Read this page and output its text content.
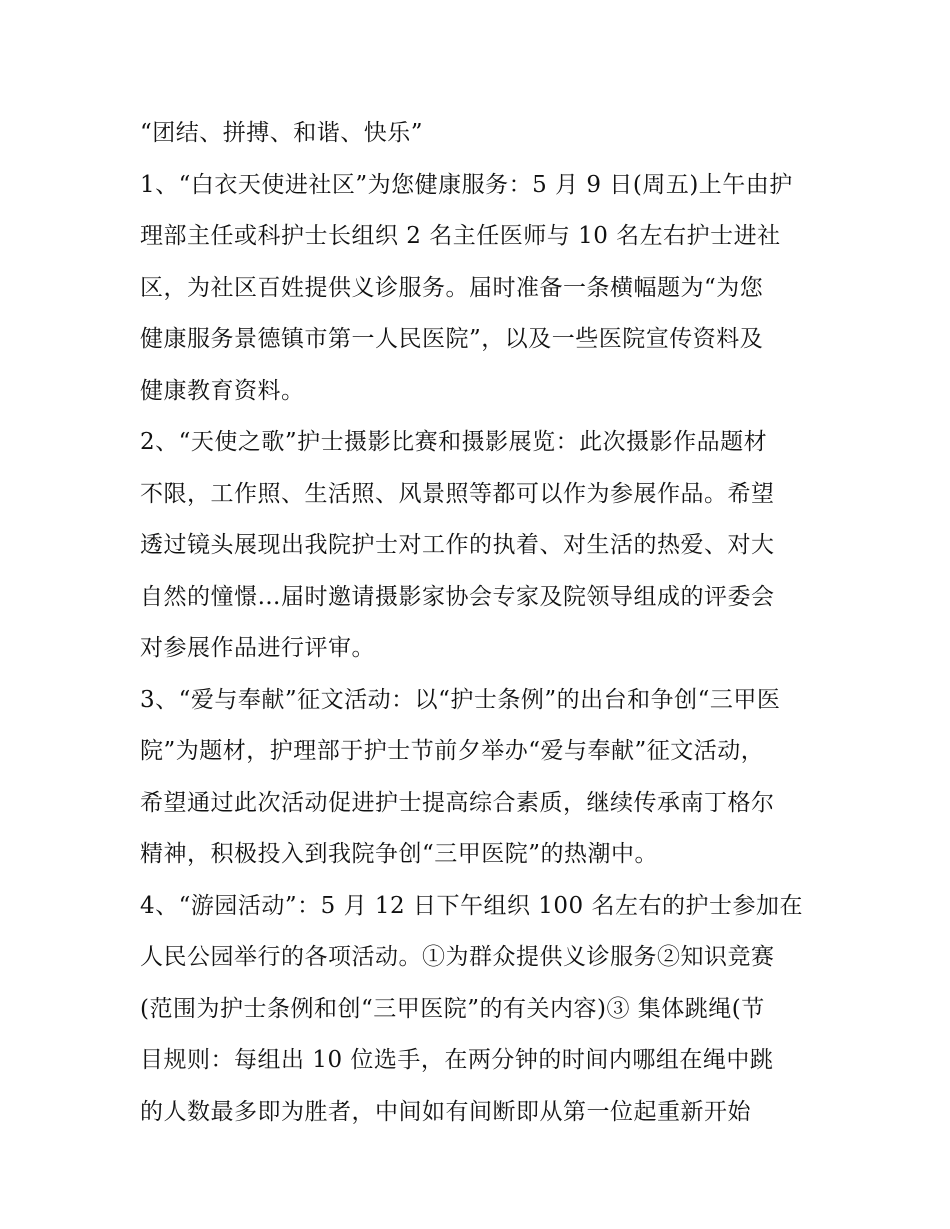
“团结、拼搏、和谐、快乐”
1、“白衣天使进社区”为您健康服务：5 月 9 日(周五)上午由护
理部主任或科护士长组织 2 名主任医师与 10 名左右护士进社
区，为社区百姓提供义诊服务。届时准备一条横幅题为“为您
健康服务景德镇市第一人民医院”，以及一些医院宣传资料及
健康教育资料。
2、“天使之歌”护士摄影比赛和摄影展览：此次摄影作品题材
不限，工作照、生活照、风景照等都可以作为参展作品。希望
透过镜头展现出我院护士对工作的执着、对生活的热爱、对大
自然的憧憬…届时邀请摄影家协会专家及院领导组成的评委会
对参展作品进行评审。
3、“爱与奉献”征文活动：以“护士条例”的出台和争创“三甲医
院”为题材，护理部于护士节前夕举办“爱与奉献”征文活动，
希望通过此次活动促进护士提高综合素质，继续传承南丁格尔
精神，积极投入到我院争创“三甲医院”的热潮中。
4、“游园活动”：5 月 12 日下午组织 100 名左右的护士参加在
人民公园举行的各项活动。①为群众提供义诊服务②知识竞赛
(范围为护士条例和创“三甲医院”的有关内容)③ 集体跳绳(节
目规则：每组出 10 位选手，在两分钟的时间内哪组在绳中跳
的人数最多即为胜者，中间如有间断即从第一位起重新开始
